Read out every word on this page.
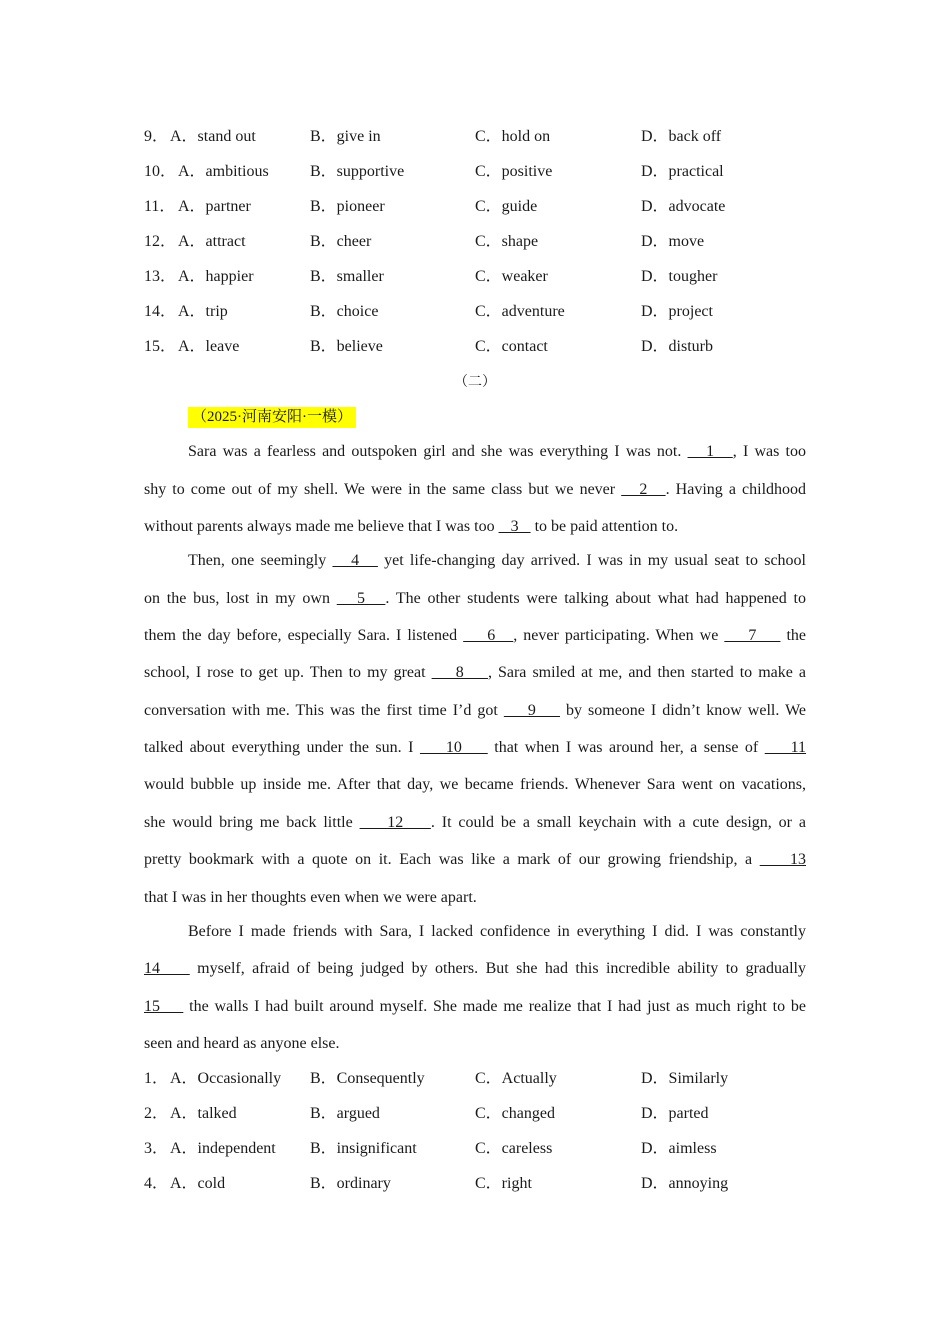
9． A．stand out	B．give in	C．hold on	D．back off
10． A．ambitious	B．supportive	C．positive	D．practical
11． A．partner	B．pioneer	C．guide	D．advocate
12． A．attract	B．cheer	C．shape	D．move
13． A．happier	B．smaller	C．weaker	D．tougher
14． A．trip	B．choice	C．adventure	D．project
15． A．leave	B．believe	C．contact	D．disturb
（二）
（2025·河南安阳·一模）
Sara was a fearless and outspoken girl and she was everything I was not.    1   , I was too
shy to come out of my shell. We were in the same class but we never    2   . Having a childhood
without parents always made me believe that I was too    3    to be paid attention to.
Then, one seemingly    4    yet life-changing day arrived. I was in my usual seat to school
on the bus, lost in my own    5   . The other students were talking about what had happened to
them the day before, especially Sara. I listened     6   , never participating. When we     7     the
school, I rose to get up. Then to my great     8    , Sara smiled at me, and then started to make a
conversation with me. This was the first time I’d got     9     by someone I didn’t know well. We
talked about everything under the sun. I     10     that when I was around her, a sense of     11
would bubble up inside me. After that day, we became friends. Whenever Sara went on vacations,
she would bring me back little     12    . It could be a small keychain with a cute design, or a
pretty bookmark with a quote on it. Each was like a mark of our growing friendship, a     13
that I was in her thoughts even when we were apart.
Before I made friends with Sara, I lacked confidence in everything I did. I was constantly
14     myself, afraid of being judged by others. But she had this incredible ability to gradually
15     the walls I had built around myself. She made me realize that I had just as much right to be
seen and heard as anyone else.
1． A．Occasionally B．Consequently	C．Actually	D．Similarly
2． A．talked	B．argued	C．changed	D．parted
3． A．independent B．insignificant	C．careless	D．aimless
4． A．cold	B．ordinary	C．right	D．annoying
